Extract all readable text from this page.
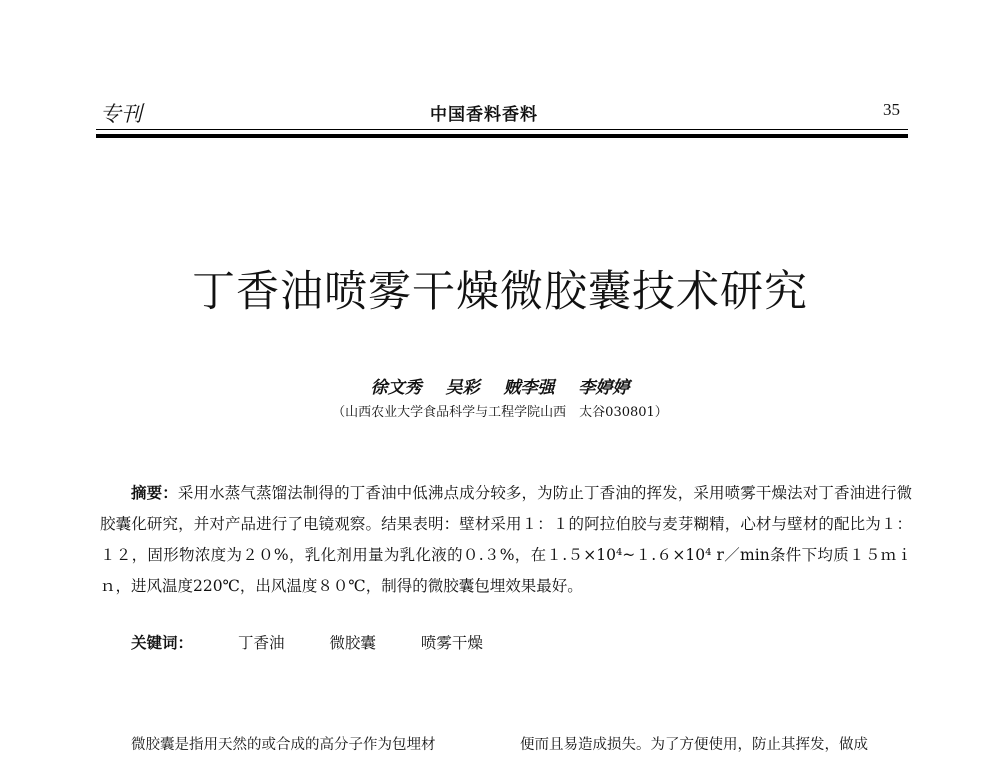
专刊	中国香料香料	35
丁香油喷雾干燥微胶囊技术研究
徐文秀 吴彩 贼李强 李婷婷
（山西农业大学食品科学与工程学院山西　太谷030801）

摘要：采用水蒸气蒸馏法制得的丁香油中低沸点成分较多，为防止丁香油的挥发，采用喷雾干燥法对丁香油进行微胶囊化研究，并对产品进行了电镜观察。结果表明：壁材采用１：１的阿拉伯胶与麦芽糊精，心材与壁材的配比为１：１２，固形物浓度为２０%，乳化剂用量为乳化液的０.３%，在１.５×10⁴~１.６×10⁴ r／min条件下均质１５ｍｉｎ，进风温度220℃，出风温度８０℃，制得的微胶囊包埋效果最好。

关键词：	丁香油	微胶囊	喷雾干燥
微胶囊是指用天然的或合成的高分子作为包埋材	便而且易造成损失。为了方便使用，防止其挥发，做成
